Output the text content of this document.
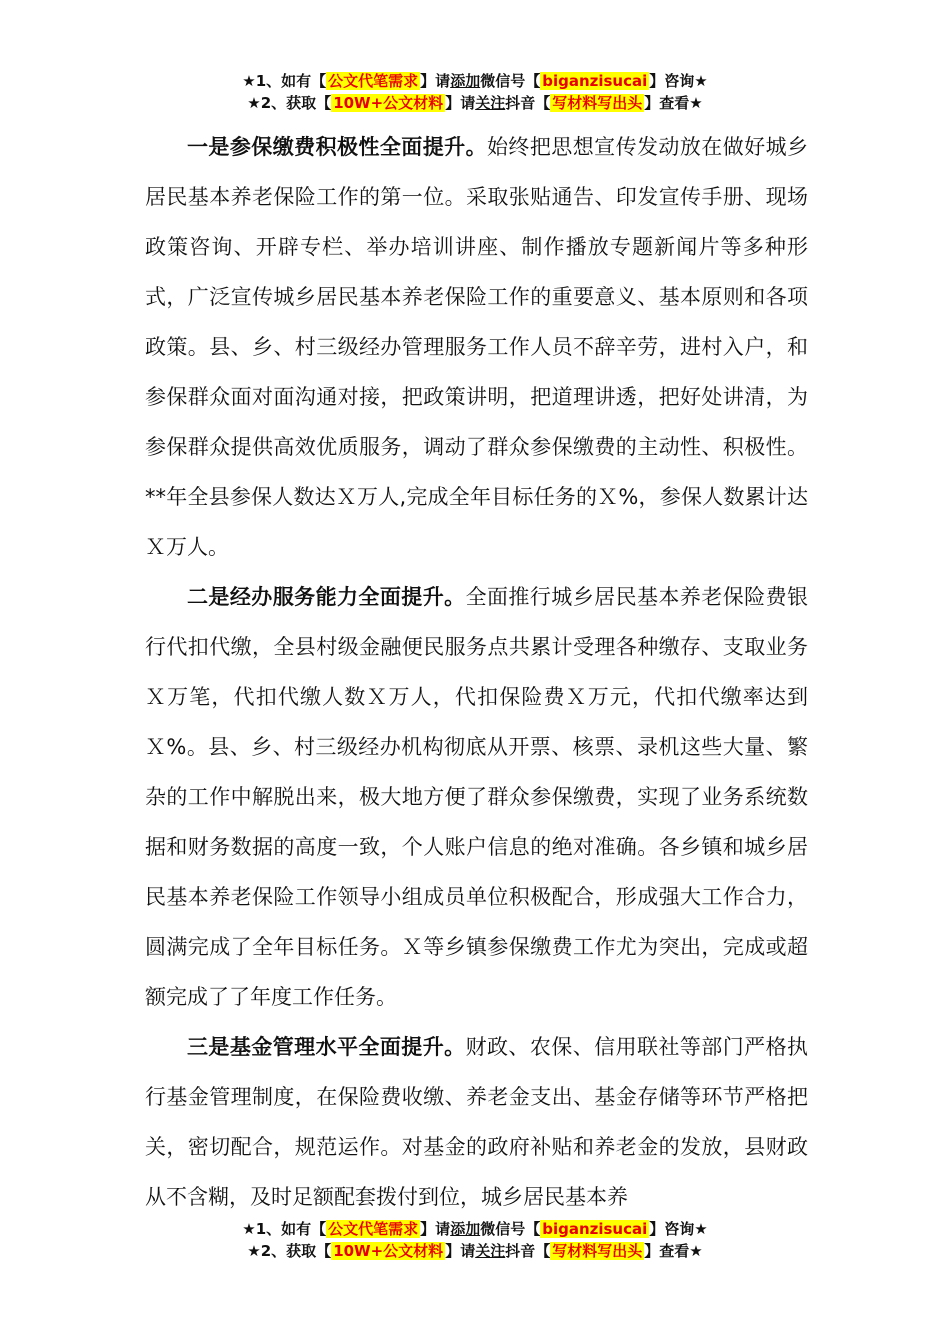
★1、如有【 公文代笔需求 】请添加微信号【 biganzisucai 】咨询★
★2、获取【 10W+公文材料 】请关注抖音【 写材料写出头 】查看★

一是参保缴费积极性全面提升。始终把思想宣传发动放在做好城乡居民基本养老保险工作的第一位。采取张贴通告、印发宣传手册、现场政策咨询、开辟专栏、举办培训讲座、制作播放专题新闻片等多种形式，广泛宣传城乡居民基本养老保险工作的重要意义、基本原则和各项政策。县、乡、村三级经办管理服务工作人员不辞辛劳，进村入户，和参保群众面对面沟通对接，把政策讲明，把道理讲透，把好处讲清，为参保群众提供高效优质服务，调动了群众参保缴费的主动性、积极性。**年全县参保人数达Ｘ万人,完成全年目标任务的Ｘ%，参保人数累计达Ｘ万人。

二是经办服务能力全面提升。全面推行城乡居民基本养老保险费银行代扣代缴，全县村级金融便民服务点共累计受理各种缴存、支取业务Ｘ万笔，代扣代缴人数Ｘ万人，代扣保险费Ｘ万元，代扣代缴率达到Ｘ%。县、乡、村三级经办机构彻底从开票、核票、录机这些大量、繁杂的工作中解脱出来，极大地方便了群众参保缴费，实现了业务系统数据和财务数据的高度一致，个人账户信息的绝对准确。各乡镇和城乡居民基本养老保险工作领导小组成员单位积极配合，形成强大工作合力，圆满完成了全年目标任务。Ｘ等乡镇参保缴费工作尤为突出，完成或超额完成了了年度工作任务。

三是基金管理水平全面提升。财政、农保、信用联社等部门严格执行基金管理制度，在保险费收缴、养老金支出、基金存储等环节严格把关，密切配合，规范运作。对基金的政府补贴和养老金的发放，县财政从不含糊，及时足额配套拨付到位，城乡居民基本养

★1、如有【 公文代笔需求 】请添加微信号【 biganzisucai 】咨询★
★2、获取【 10W+公文材料 】请关注抖音【 写材料写出头 】查看★
